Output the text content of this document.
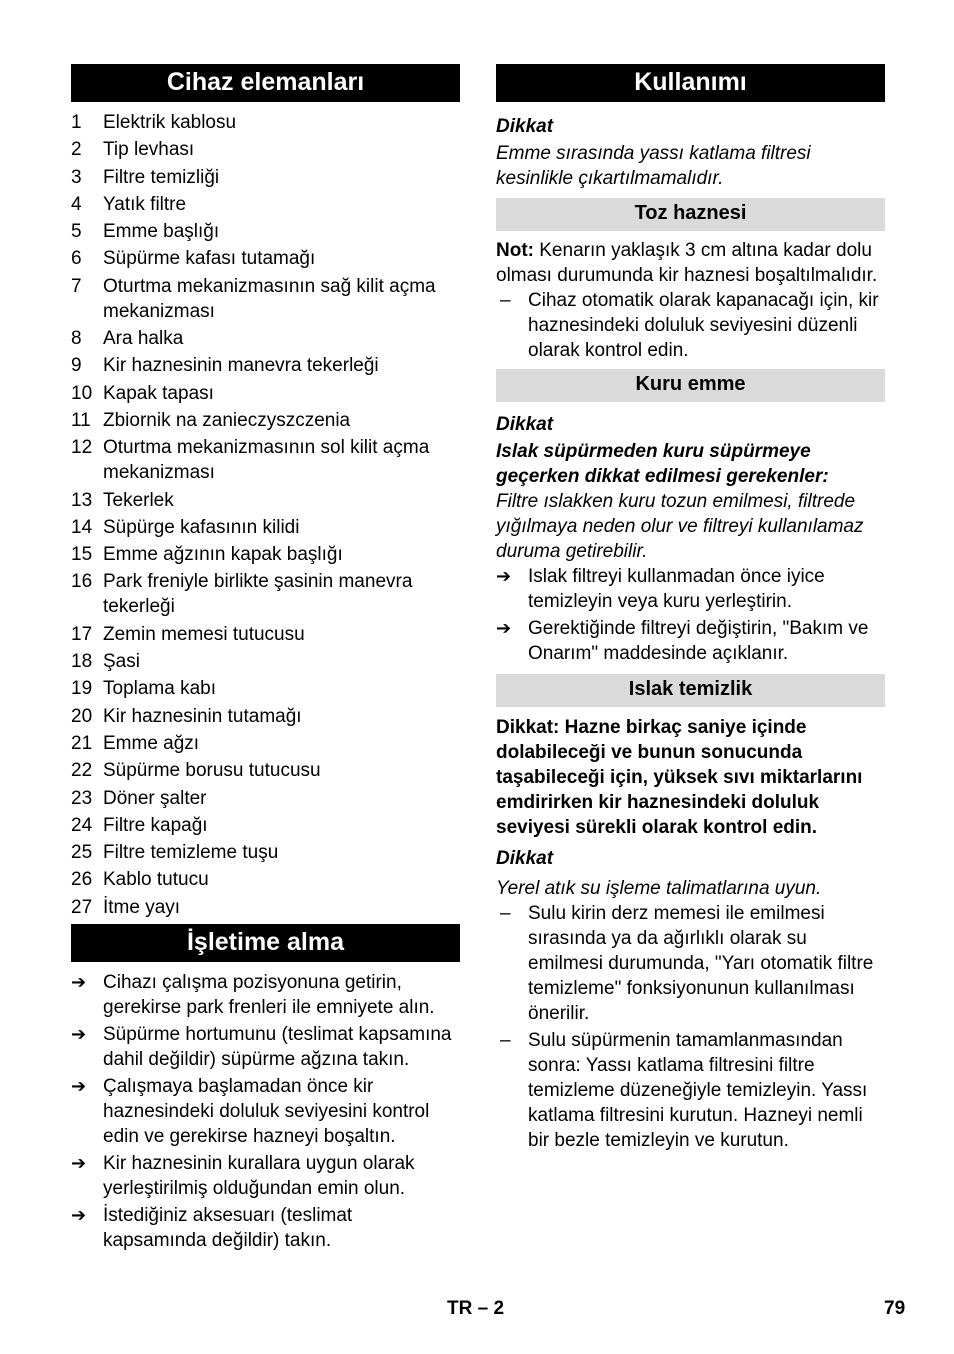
Cihaz elemanları
1	Elektrik kablosu
2	Tip levhası
3	Filtre temizliği
4	Yatık filtre
5	Emme başlığı
6	Süpürme kafası tutamağı
7	Oturtma mekanizmasının sağ kilit açma mekanizması
8	Ara halka
9	Kir haznesinin manevra tekerleği
10 Kapak tapası
11 Zbiornik na zanieczyszczenia
12 Oturtma mekanizmasının sol kilit açma mekanizması
13 Tekerlek
14 Süpürge kafasının kilidi
15 Emme ağzının kapak başlığı
16 Park freniyle birlikte şasinin manevra tekerleği
17 Zemin memesi tutucusu
18 Şasi
19 Toplama kabı
20 Kir haznesinin tutamağı
21 Emme ağzı
22 Süpürme borusu tutucusu
23 Döner şalter
24 Filtre kapağı
25 Filtre temizleme tuşu
26 Kablo tutucu
27 İtme yayı
İşletime alma
➔ Cihazı çalışma pozisyonuna getirin, gerekirse park frenleri ile emniyete alın.
➔ Süpürme hortumunu (teslimat kapsamına dahil değildir) süpürme ağzına takın.
➔ Çalışmaya başlamadan önce kir haznesindeki doluluk seviyesini kontrol edin ve gerekirse hazneyi boşaltın.
➔ Kir haznesinin kurallara uygun olarak yerleştirilmiş olduğundan emin olun.
➔ İstediğiniz aksesuarı (teslimat kapsamında değildir) takın.
Kullanımı

Dikkat

Emme sırasında yassı katlama filtresi kesinlikle çıkartılmamalıdır.

Toz haznesi

Not: Kenarın yaklaşık 3 cm altına kadar dolu olması durumunda kir haznesi boşaltılmalıdır.

– Cihaz otomatik olarak kapanacağı için, kir haznesindeki doluluk seviyesini düzenli olarak kontrol edin.
Kuru emme

Dikkat

Islak süpürmeden kuru süpürmeye geçerken dikkat edilmesi gerekenler:

Filtre ıslakken kuru tozun emilmesi, filtrede yığılmaya neden olur ve filtreyi kullanılamaz duruma getirebilir.

➔ Islak filtreyi kullanmadan önce iyice temizleyin veya kuru yerleştirin.
➔ Gerektiğinde filtreyi değiştirin, "Bakım ve Onarım" maddesinde açıklanır.
Islak temizlik

Dikkat: Hazne birkaç saniye içinde dolabileceği ve bunun sonucunda taşabileceği için, yüksek sıvı miktarlarını emdirirken kir haznesindeki doluluk seviyesi sürekli olarak kontrol edin.

Dikkat

Yerel atık su işleme talimatlarına uyun.

– Sulu kirin derz memesi ile emilmesi sırasında ya da ağırlıklı olarak su emilmesi durumunda, "Yarı otomatik filtre temizleme" fonksiyonunun kullanılması önerilir.
– Sulu süpürmenin tamamlanmasından sonra: Yassı katlama filtresini filtre temizleme düzeneğiyle temizleyin. Yassı katlama filtresini kurutun. Hazneyi nemli bir bezle temizleyin ve kurutun.
TR – 2	79
